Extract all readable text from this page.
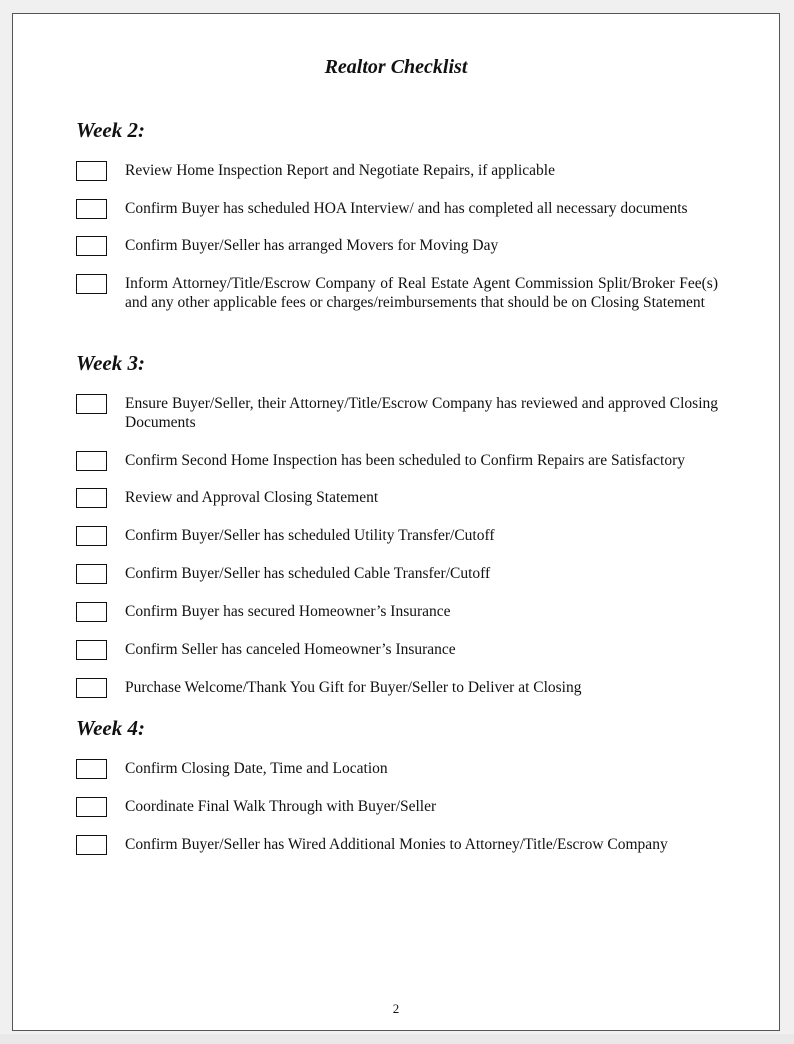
Realtor Checklist
Week 2:
Review Home Inspection Report and Negotiate Repairs, if applicable
Confirm Buyer has scheduled HOA Interview/ and has completed all necessary documents
Confirm Buyer/Seller has arranged Movers for Moving Day
Inform Attorney/Title/Escrow Company of Real Estate Agent Commission Split/Broker Fee(s) and any other applicable fees or charges/reimbursements that should be on Closing Statement
Week 3:
Ensure Buyer/Seller, their Attorney/Title/Escrow Company has reviewed and approved Closing Documents
Confirm Second Home Inspection has been scheduled to Confirm Repairs are Satisfactory
Review and Approval Closing Statement
Confirm Buyer/Seller has scheduled Utility Transfer/Cutoff
Confirm Buyer/Seller has scheduled Cable Transfer/Cutoff
Confirm Buyer has secured Homeowner’s Insurance
Confirm Seller has canceled Homeowner’s Insurance
Purchase Welcome/Thank You Gift for Buyer/Seller to Deliver at Closing
Week 4:
Confirm Closing Date, Time and Location
Coordinate Final Walk Through with Buyer/Seller
Confirm Buyer/Seller has Wired Additional Monies to Attorney/Title/Escrow Company
2
